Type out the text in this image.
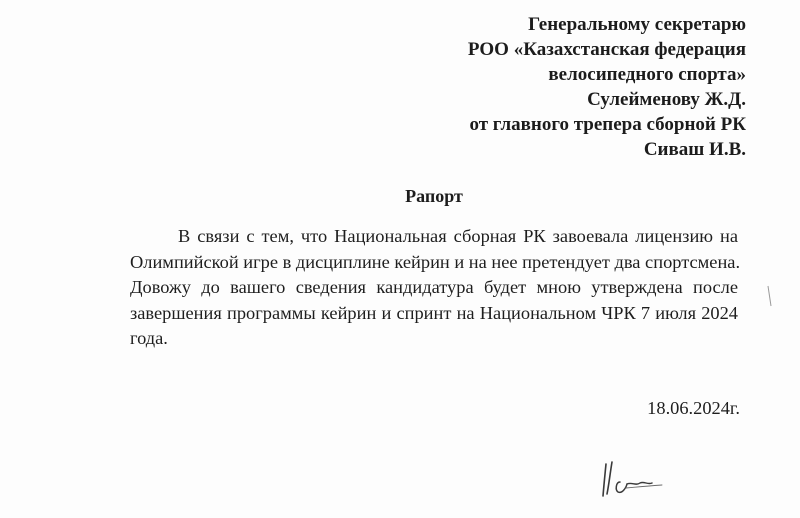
Генеральному секретарю
РОО «Казахстанская федерация
велосипедного спорта»
Сулейменову Ж.Д.
от главного трепера сборной РК
Сиваш И.В.
Рапорт
В связи с тем, что Национальная сборная РК завоевала лицензию на
Олимпийской игре в дисциплине кейрин и на нее претендует два спортсмена.
Довожу до вашего сведения кандидатура будет мною утверждена после
завершения программы кейрин и спринт на Национальном ЧРК 7 июля 2024
года.
18.06.2024г.
